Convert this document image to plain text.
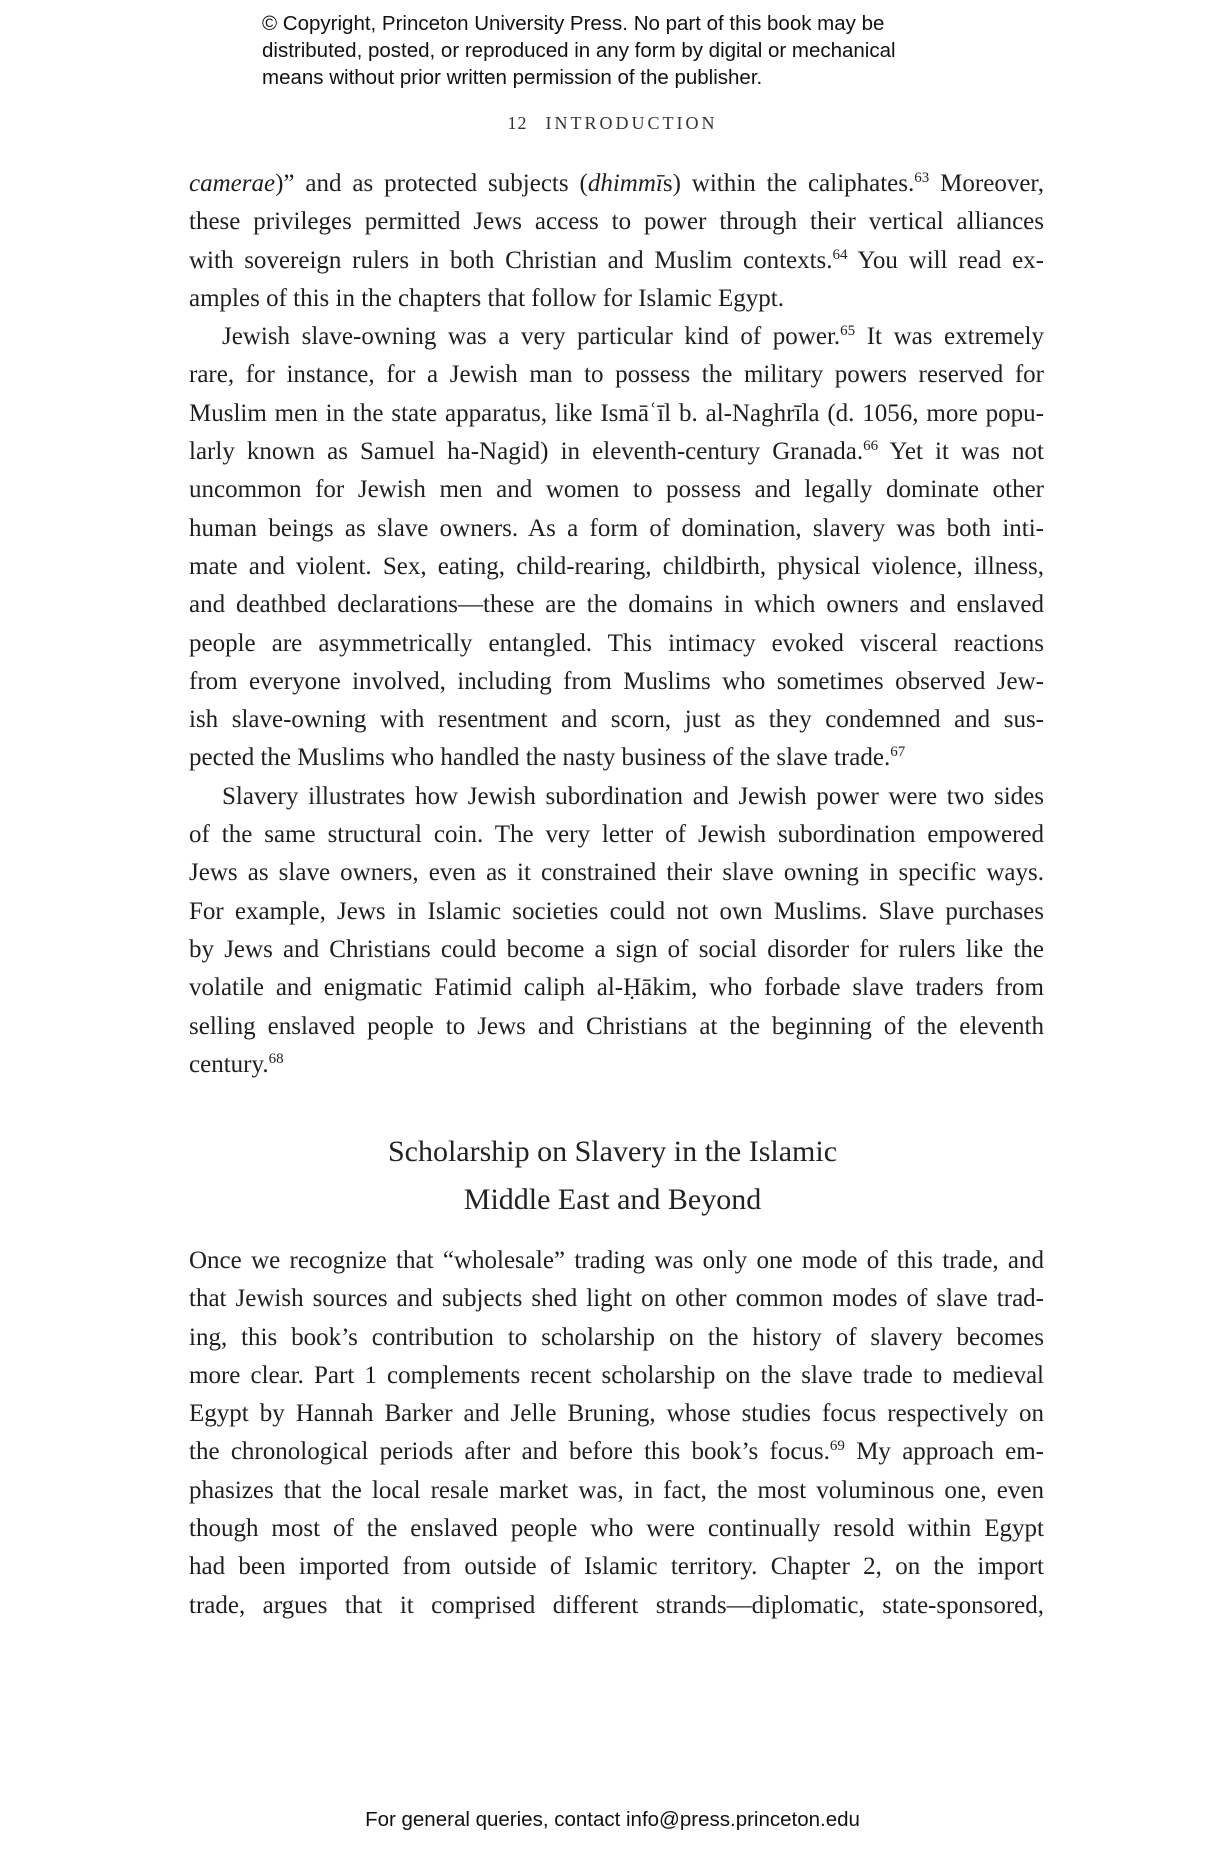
© Copyright, Princeton University Press. No part of this book may be
distributed, posted, or reproduced in any form by digital or mechanical
means without prior written permission of the publisher.
12 INTRODUCTION
camerae)” and as protected subjects (dhimmīs) within the caliphates.$^{63}$ Moreover,
these privileges permitted Jews access to power through their vertical alliances
with sovereign rulers in both Christian and Muslim contexts.$^{64}$ You will read ex-
amples of this in the chapters that follow for Islamic Egypt.
Jewish slave-owning was a very particular kind of power.$^{65}$ It was extremely
rare, for instance, for a Jewish man to possess the military powers reserved for
Muslim men in the state apparatus, like Ismāʿīl b. al-Naghrīla (d. 1056, more popu-
larly known as Samuel ha-Nagid) in eleventh-century Granada.$^{66}$ Yet it was not
uncommon for Jewish men and women to possess and legally dominate other
human beings as slave owners. As a form of domination, slavery was both inti-
mate and violent. Sex, eating, child-rearing, childbirth, physical violence, illness,
and deathbed declarations—these are the domains in which owners and enslaved
people are asymmetrically entangled. This intimacy evoked visceral reactions
from everyone involved, including from Muslims who sometimes observed Jew-
ish slave-owning with resentment and scorn, just as they condemned and sus-
pected the Muslims who handled the nasty business of the slave trade.$^{67}$
Slavery illustrates how Jewish subordination and Jewish power were two sides
of the same structural coin. The very letter of Jewish subordination empowered
Jews as slave owners, even as it constrained their slave owning in specific ways.
For example, Jews in Islamic societies could not own Muslims. Slave purchases
by Jews and Christians could become a sign of social disorder for rulers like the
volatile and enigmatic Fatimid caliph al-Ḥākim, who forbade slave traders from
selling enslaved people to Jews and Christians at the beginning of the eleventh
century.$^{68}$
Scholarship on Slavery in the Islamic
Middle East and Beyond
Once we recognize that “wholesale” trading was only one mode of this trade, and
that Jewish sources and subjects shed light on other common modes of slave trad-
ing, this book’s contribution to scholarship on the history of slavery becomes
more clear. Part 1 complements recent scholarship on the slave trade to medieval
Egypt by Hannah Barker and Jelle Bruning, whose studies focus respectively on
the chronological periods after and before this book’s focus.$^{69}$ My approach em-
phasizes that the local resale market was, in fact, the most voluminous one, even
though most of the enslaved people who were continually resold within Egypt
had been imported from outside of Islamic territory. Chapter 2, on the import
trade, argues that it comprised different strands—diplomatic, state-sponsored,
For general queries, contact info@press.princeton.edu
